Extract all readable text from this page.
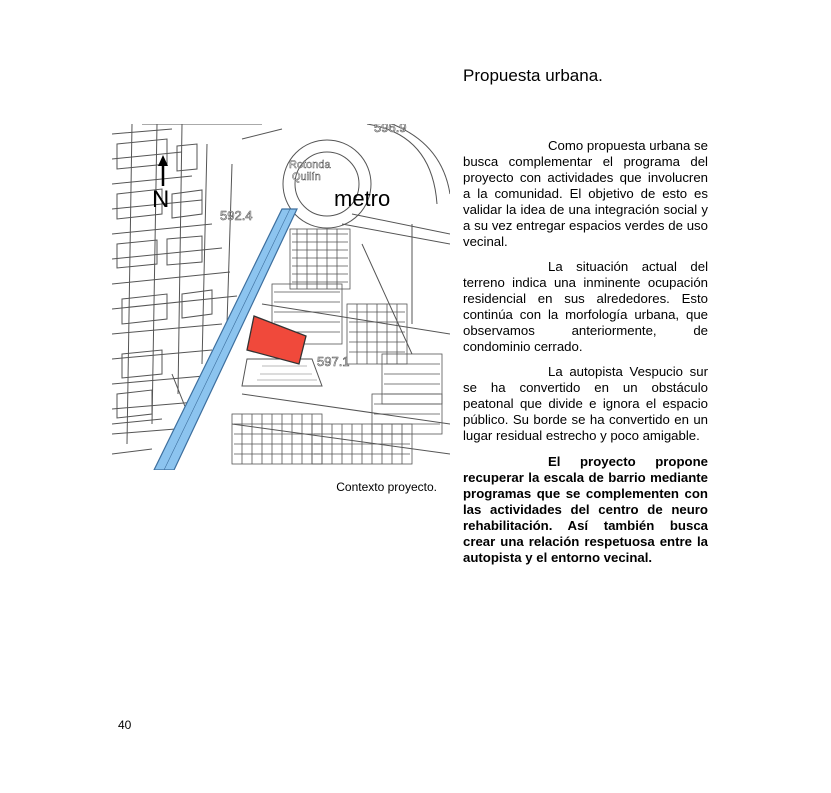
Propuesta urbana.
N	metro
Rotonda
Quilín
592.4
597.1
596.9
Contexto proyecto.

Como propuesta urbana se busca complementar el programa del proyecto con actividades que involucren a la comunidad. El objetivo de esto es validar la idea de una integración social y a su vez entregar espacios verdes de uso vecinal.

La situación actual del terreno indica una inminente ocupación residencial en sus alrededores. Esto continúa con la morfología urbana, que observamos anteriormente, de condominio cerrado.

La autopista Vespucio sur se ha convertido en un obstáculo peatonal que divide e ignora el espacio público. Su borde se ha convertido en un lugar residual estrecho y poco amigable.

El proyecto propone recuperar la escala de barrio mediante programas que se complementen con las actividades del centro de neuro rehabilitación. Así también busca crear una relación respetuosa entre la autopista y el entorno vecinal.

40
